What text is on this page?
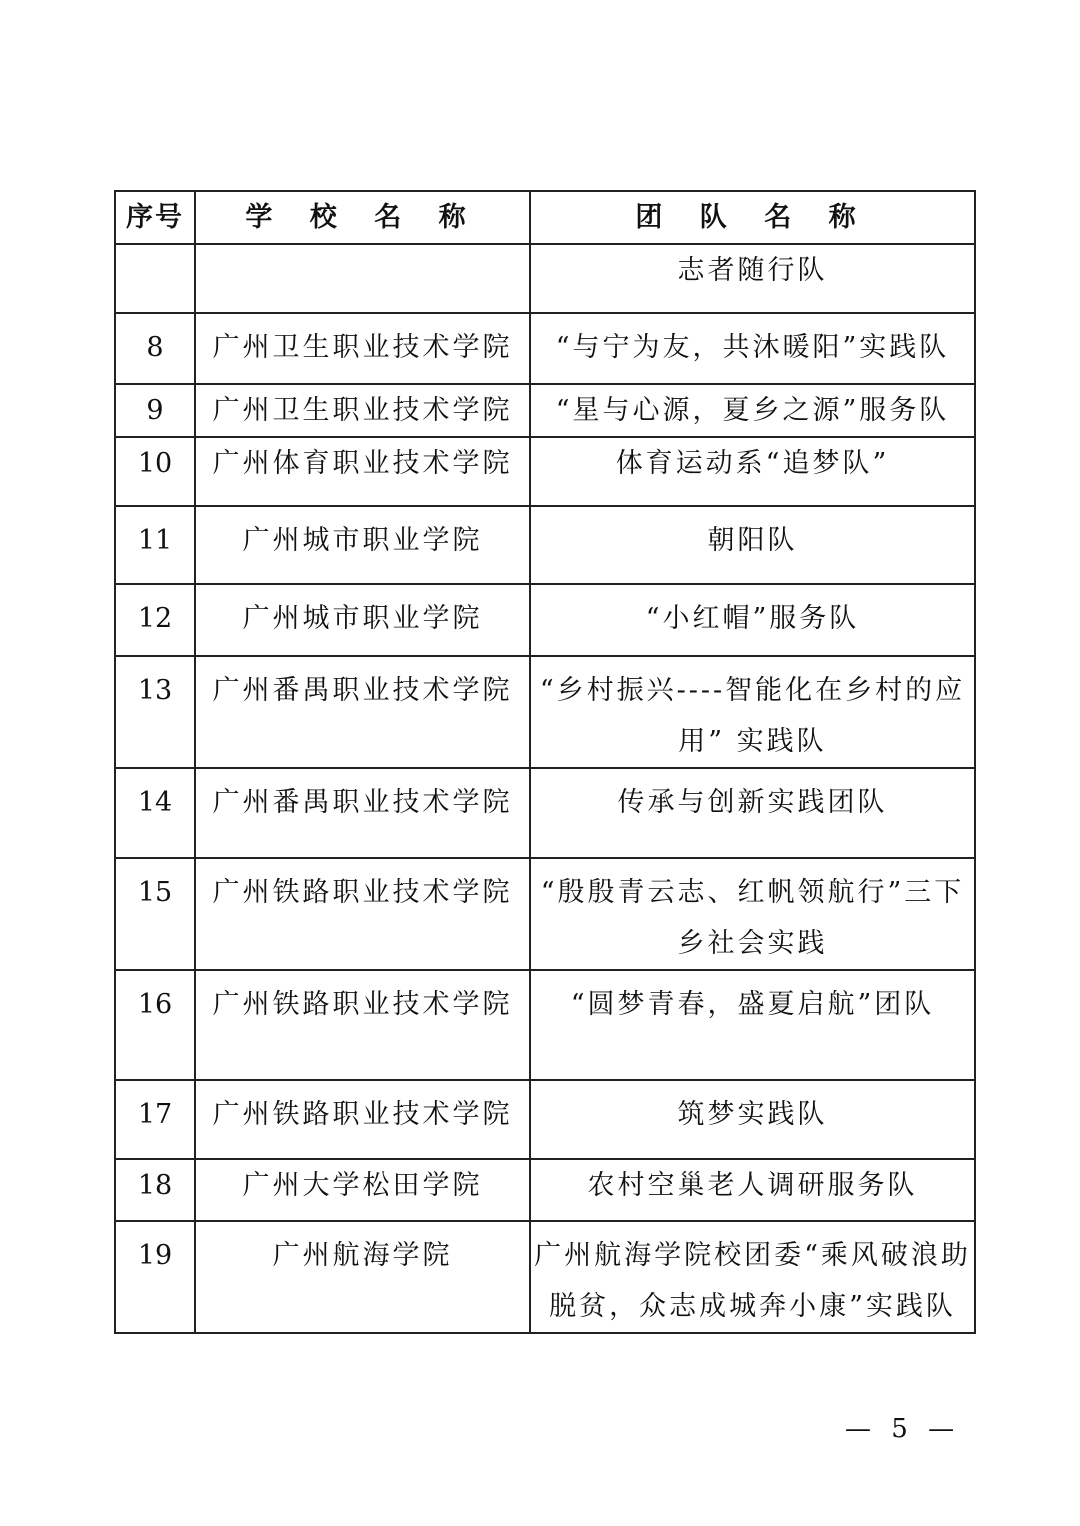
序号	学 校 名 称	团 队 名 称

		志者随行队

8	广州卫生职业技术学院	“与宁为友，共沐暖阳”实践队

9	广州卫生职业技术学院	“星与心源，夏乡之源”服务队

10	广州体育职业技术学院	体育运动系“追梦队”

11	广州城市职业学院	朝阳队

12	广州城市职业学院	“小红帽”服务队

13	广州番禺职业技术学院	“乡村振兴----智能化在乡村的应用” 实践队

14	广州番禺职业技术学院	传承与创新实践团队

15	广州铁路职业技术学院	“殷殷青云志、红帆领航行”三下乡社会实践

16	广州铁路职业技术学院	“圆梦青春，盛夏启航”团队

17	广州铁路职业技术学院	筑梦实践队

18	广州大学松田学院	农村空巢老人调研服务队

19	广州航海学院	广州航海学院校团委“乘风破浪助脱贫，众志成城奔小康”实践队
— 5 —
